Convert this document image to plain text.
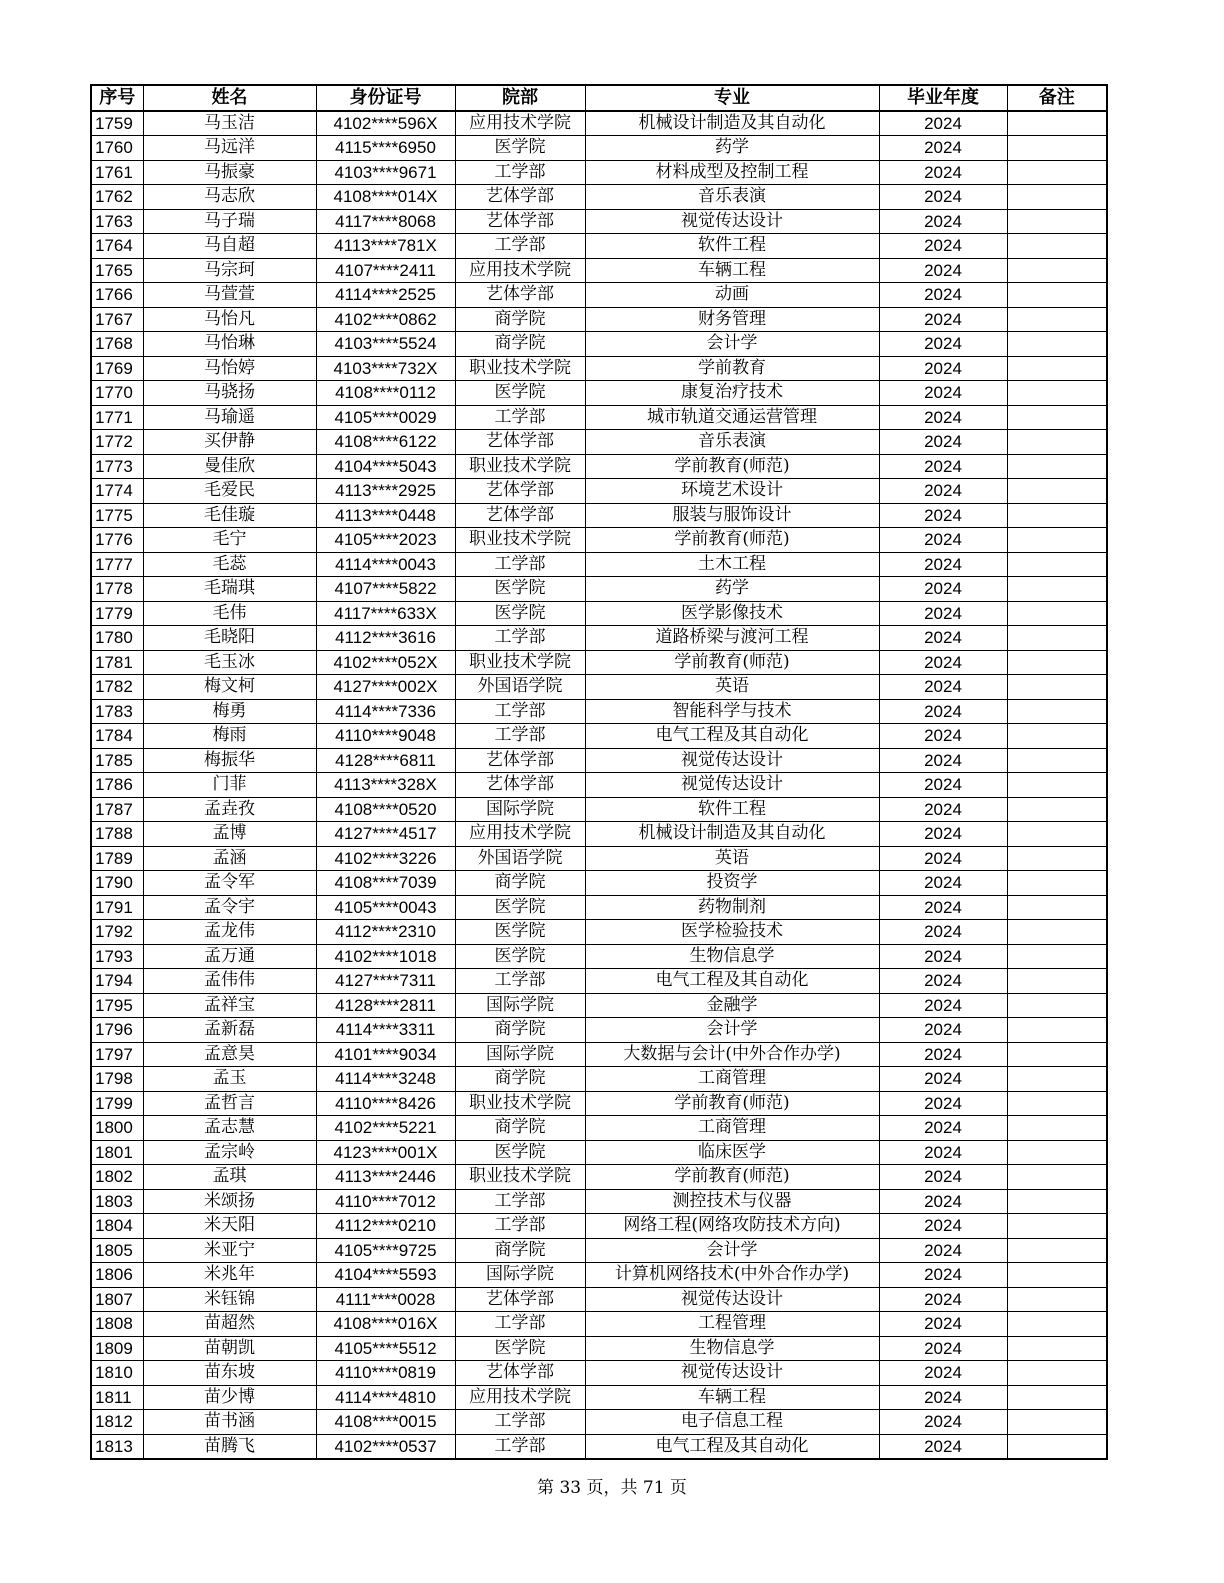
序号	姓名	身份证号	院部	专业	毕业年度	备注
1759	马玉洁	4102****596X	应用技术学院	机械设计制造及其自动化	2024	
1760	马远洋	4115****6950	医学院	药学	2024	
1761	马振豪	4103****9671	工学部	材料成型及控制工程	2024	
1762	马志欣	4108****014X	艺体学部	音乐表演	2024	
1763	马子瑞	4117****8068	艺体学部	视觉传达设计	2024	
1764	马自超	4113****781X	工学部	软件工程	2024	
1765	马宗珂	4107****2411	应用技术学院	车辆工程	2024	
1766	马萱萱	4114****2525	艺体学部	动画	2024	
1767	马怡凡	4102****0862	商学院	财务管理	2024	
1768	马怡琳	4103****5524	商学院	会计学	2024	
1769	马怡婷	4103****732X	职业技术学院	学前教育	2024	
1770	马骁扬	4108****0112	医学院	康复治疗技术	2024	
1771	马瑜遥	4105****0029	工学部	城市轨道交通运营管理	2024	
1772	买伊静	4108****6122	艺体学部	音乐表演	2024	
1773	曼佳欣	4104****5043	职业技术学院	学前教育(师范)	2024	
1774	毛爱民	4113****2925	艺体学部	环境艺术设计	2024	
1775	毛佳璇	4113****0448	艺体学部	服装与服饰设计	2024	
1776	毛宁	4105****2023	职业技术学院	学前教育(师范)	2024	
1777	毛蕊	4114****0043	工学部	土木工程	2024	
1778	毛瑞琪	4107****5822	医学院	药学	2024	
1779	毛伟	4117****633X	医学院	医学影像技术	2024	
1780	毛晓阳	4112****3616	工学部	道路桥梁与渡河工程	2024	
1781	毛玉冰	4102****052X	职业技术学院	学前教育(师范)	2024	
1782	梅文柯	4127****002X	外国语学院	英语	2024	
1783	梅勇	4114****7336	工学部	智能科学与技术	2024	
1784	梅雨	4110****9048	工学部	电气工程及其自动化	2024	
1785	梅振华	4128****6811	艺体学部	视觉传达设计	2024	
1786	门菲	4113****328X	艺体学部	视觉传达设计	2024	
1787	孟垚孜	4108****0520	国际学院	软件工程	2024	
1788	孟博	4127****4517	应用技术学院	机械设计制造及其自动化	2024	
1789	孟涵	4102****3226	外国语学院	英语	2024	
1790	孟令军	4108****7039	商学院	投资学	2024	
1791	孟令宇	4105****0043	医学院	药物制剂	2024	
1792	孟龙伟	4112****2310	医学院	医学检验技术	2024	
1793	孟万通	4102****1018	医学院	生物信息学	2024	
1794	孟伟伟	4127****7311	工学部	电气工程及其自动化	2024	
1795	孟祥宝	4128****2811	国际学院	金融学	2024	
1796	孟新磊	4114****3311	商学院	会计学	2024	
1797	孟意昊	4101****9034	国际学院	大数据与会计(中外合作办学)	2024	
1798	孟玉	4114****3248	商学院	工商管理	2024	
1799	孟哲言	4110****8426	职业技术学院	学前教育(师范)	2024	
1800	孟志慧	4102****5221	商学院	工商管理	2024	
1801	孟宗岭	4123****001X	医学院	临床医学	2024	
1802	孟琪	4113****2446	职业技术学院	学前教育(师范)	2024	
1803	米颂扬	4110****7012	工学部	测控技术与仪器	2024	
1804	米天阳	4112****0210	工学部	网络工程(网络攻防技术方向)	2024	
1805	米亚宁	4105****9725	商学院	会计学	2024	
1806	米兆年	4104****5593	国际学院	计算机网络技术(中外合作办学)	2024	
1807	米钰锦	4111****0028	艺体学部	视觉传达设计	2024	
1808	苗超然	4108****016X	工学部	工程管理	2024	
1809	苗朝凯	4105****5512	医学院	生物信息学	2024	
1810	苗东坡	4110****0819	艺体学部	视觉传达设计	2024	
1811	苗少博	4114****4810	应用技术学院	车辆工程	2024	
1812	苗书涵	4108****0015	工学部	电子信息工程	2024	
1813	苗腾飞	4102****0537	工学部	电气工程及其自动化	2024	
第 33 页，共 71 页
